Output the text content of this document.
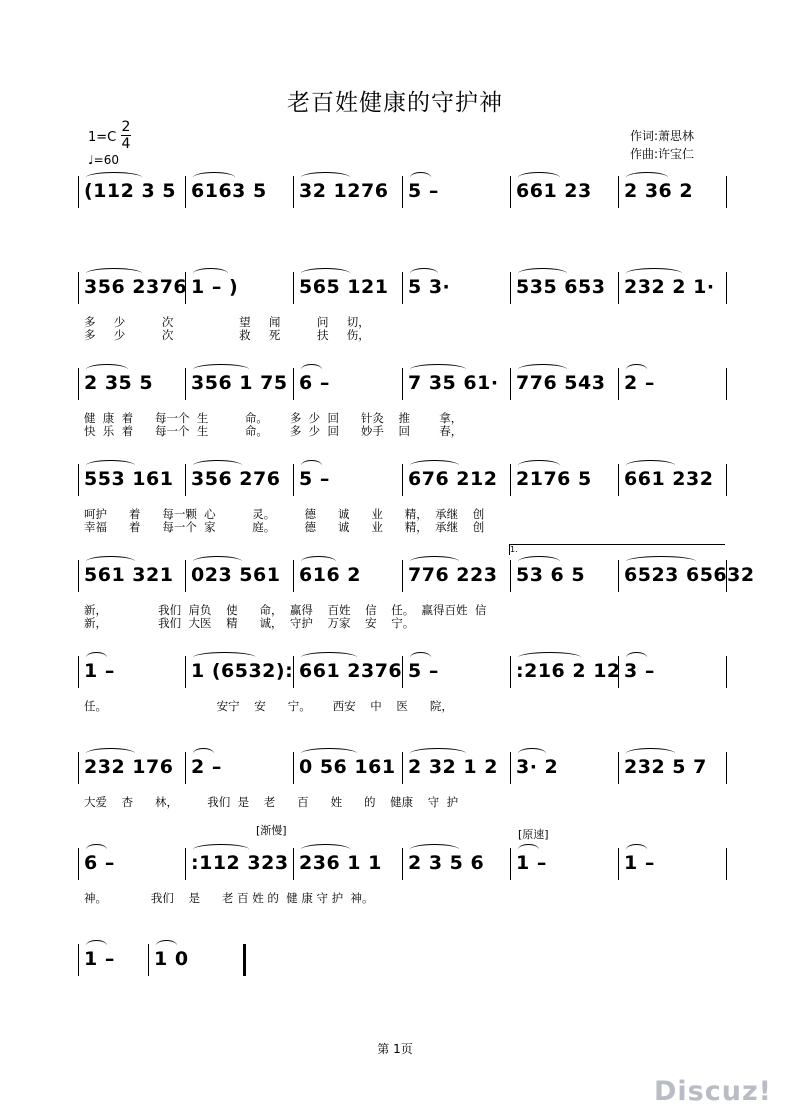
老百姓健康的守护神
1=C
2
4
♩=60
作词:萧思林
作曲:许宝仁
(112 3 5 6163 5 32 1276 5 –	661 23 2 36 2
356 2376 1 – )	565 121 5 3·	535 653 232 2 1·
多     少          次                  望     闻          问     切，
多     少          次                  救     死          扶     伤，
2 35 5 356 1 75 6 –	7 35 61· 776 543 2 –
健  康  着      每一个  生          命。      多  少  回      针灸    推        拿，
快  乐  着      每一个  生          命。      多  少  回      妙手    回        春，
553 161 356 276 5 –	676 212 2176 5 661 232
呵护      着      每一颗  心          灵。        德      诚      业      精，  承继    创
幸福      着      每一个  家          庭。        德      诚      业      精，  承继    创
561 321 023 561 616 2 776 223 53 6 5 6523 65632
新，              我们  肩负    使      命，  赢得    百姓    信    任。  赢得百姓  信
新，              我们  大医    精      诚，  守护    万家    安    宁。
1 –	1 (6532): 661 2376 5 –	:216 2 12 3 –
任。                              安宁    安      宁。      西安    中    医      院，
232 176 2 –	0 56 161 2 32 1 2 3· 2	232 5 7
大爱    杏      林，        我们  是    老      百      姓      的    健康    守  护
6 –	:112 323 236 1 1 2 3 5 6 1 –	1 –
神。            我们    是      老 百 姓 的  健 康 守 护  神。
1 – 1 0
[渐慢]	[原速]
1.
第 1页
Discuz!
